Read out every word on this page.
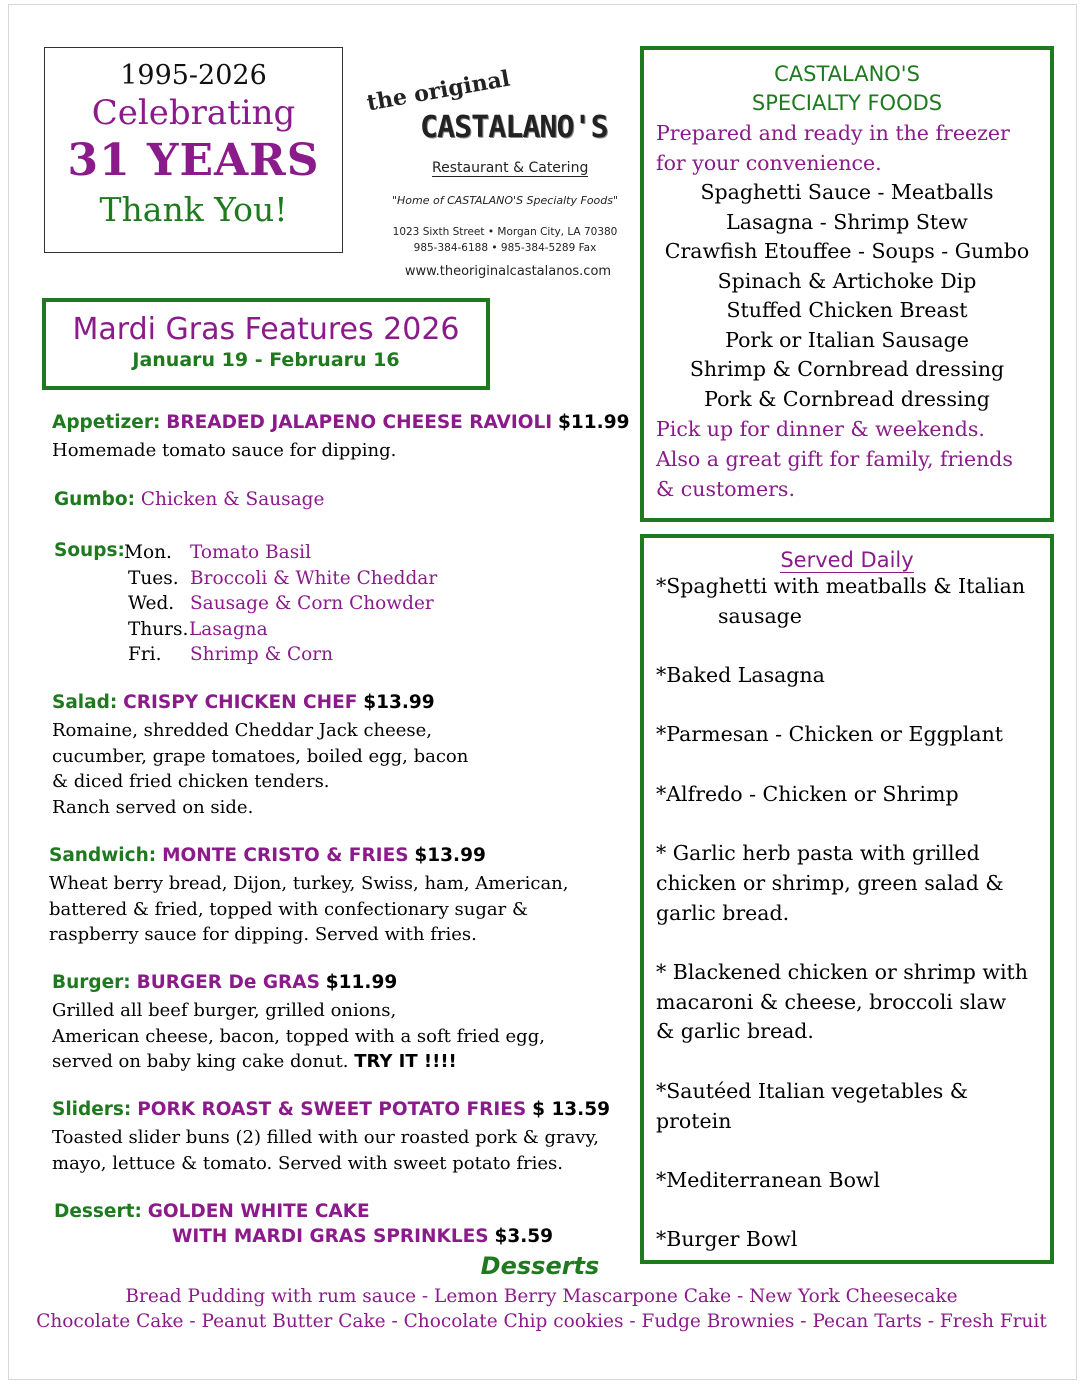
1995-2026
Celebrating
31 YEARS
Thank You!
the original
CASTALANO'S
Restaurant & Catering
"Home of CASTALANO'S Specialty Foods"
1023 Sixth Street • Morgan City, LA 70380
985-384-6188 • 985-384-5289 Fax
www.theoriginalcastalanos.com
Mardi Gras Features 2026
Januaru 19 - Februaru 16
Appetizer: BREADED JALAPENO CHEESE RAVIOLI $11.99
Homemade tomato sauce for dipping.
Gumbo: Chicken & Sausage
Soups: Mon. Tomato Basil
Tues. Broccoli & White Cheddar
Wed. Sausage & Corn Chowder
Thurs.Lasagna
Fri. Shrimp & Corn
Salad: CRISPY CHICKEN CHEF $13.99
Romaine, shredded Cheddar Jack cheese,
cucumber, grape tomatoes, boiled egg, bacon
& diced fried chicken tenders.
Ranch served on side.
Sandwich: MONTE CRISTO & FRIES $13.99
Wheat berry bread, Dijon, turkey, Swiss, ham, American,
battered & fried, topped with confectionary sugar &
raspberry sauce for dipping. Served with fries.
Burger: BURGER De GRAS $11.99
Grilled all beef burger, grilled onions,
American cheese, bacon, topped with a soft fried egg,
served on baby king cake donut. TRY IT !!!!
Sliders: PORK ROAST & SWEET POTATO FRIES $ 13.59
Toasted slider buns (2) filled with our roasted pork & gravy,
mayo, lettuce & tomato. Served with sweet potato fries.
Dessert: GOLDEN WHITE CAKE
WITH MARDI GRAS SPRINKLES $3.59
CASTALANO'S
SPECIALTY FOODS
Prepared and ready in the freezer
for your convenience.
Spaghetti Sauce - Meatballs
Lasagna - Shrimp Stew
Crawfish Etouffee - Soups - Gumbo
Spinach & Artichoke Dip
Stuffed Chicken Breast
Pork or Italian Sausage
Shrimp & Cornbread dressing
Pork & Cornbread dressing
Pick up for dinner & weekends.
Also a great gift for family, friends
& customers.
Served Daily
*Spaghetti with meatballs & Italian
sausage
*Baked Lasagna
*Parmesan - Chicken or Eggplant
*Alfredo - Chicken or Shrimp
* Garlic herb pasta with grilled
chicken or shrimp, green salad &
garlic bread.
* Blackened chicken or shrimp with
macaroni & cheese, broccoli slaw
& garlic bread.
*Sautéed Italian vegetables &
protein
*Mediterranean Bowl
*Burger Bowl
Desserts
Bread Pudding with rum sauce - Lemon Berry Mascarpone Cake - New York Cheesecake
Chocolate Cake - Peanut Butter Cake - Chocolate Chip cookies - Fudge Brownies - Pecan Tarts - Fresh Fruit
